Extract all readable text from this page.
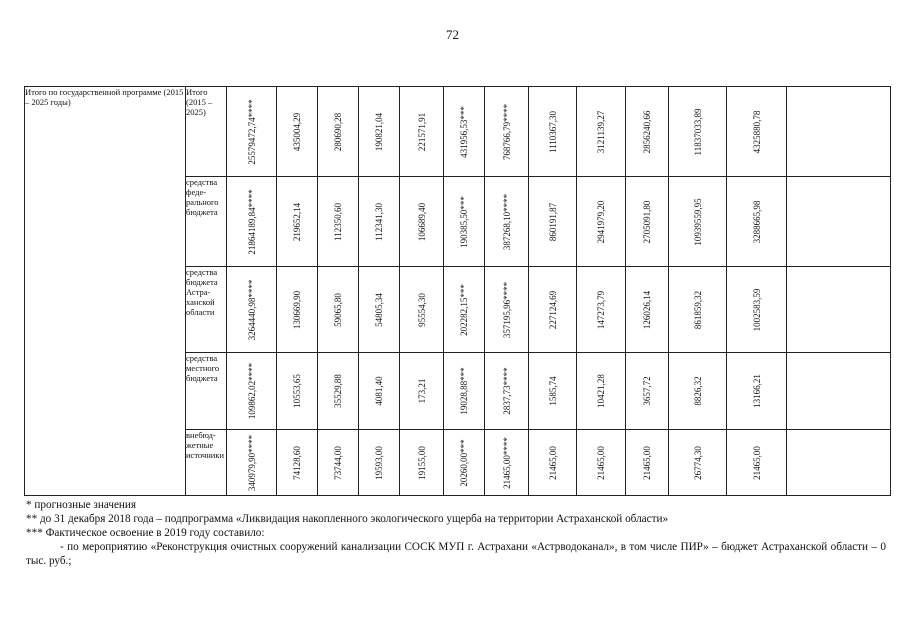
72
Итого по государственной программе (2015 – 2025 годы)	Итого (2015 – 2025)	25579472,74****	435004,29	280690,28	190821,04	221571,91	431956,53***	768766,79****	1110367,30	3121139,27	2856240,66	11837033,89	4325880,78	

	средства феде-рального бюджета	21864189,84****	219652,14	112350,60	112341,30	106689,40	190385,50***	387268,10****	860191,87	2941979,20	2705091,80	10939559,95	3288665,98	

	средства бюджета Астра-ханской области	3264440,98****	130669,90	59065,80	54805,34	95554,30	202282,15***	357195,96****	227124,69	147273,79	126026,14	861859,32	1002583,59	

	средства местного бюджета	109862,02****	10553,65	35529,88	4081,40	173,21	19028,88***	2837,73****	1585,74	10421,28	3657,72	8826,32	13166,21	

	внебюд-жетные источники	340979,90****	74128,60	73744,00	19593,00	19155,00	20260,00***	21465,00****	21465,00	21465,00	21465,00	26774,30	21465,00	

* прогнозные значения

** до 31 декабря 2018 года – подпрограмма «Ликвидация накопленного экологического ущерба на территории Астраханской области»

*** Фактическое освоение в 2019 году составило:

- по мероприятию «Реконструкция очистных сооружений канализации СОСК МУП г. Астрахани «Астрводоканал», в том числе ПИР» – бюджет Астраханской области – 0 тыс. руб.;
